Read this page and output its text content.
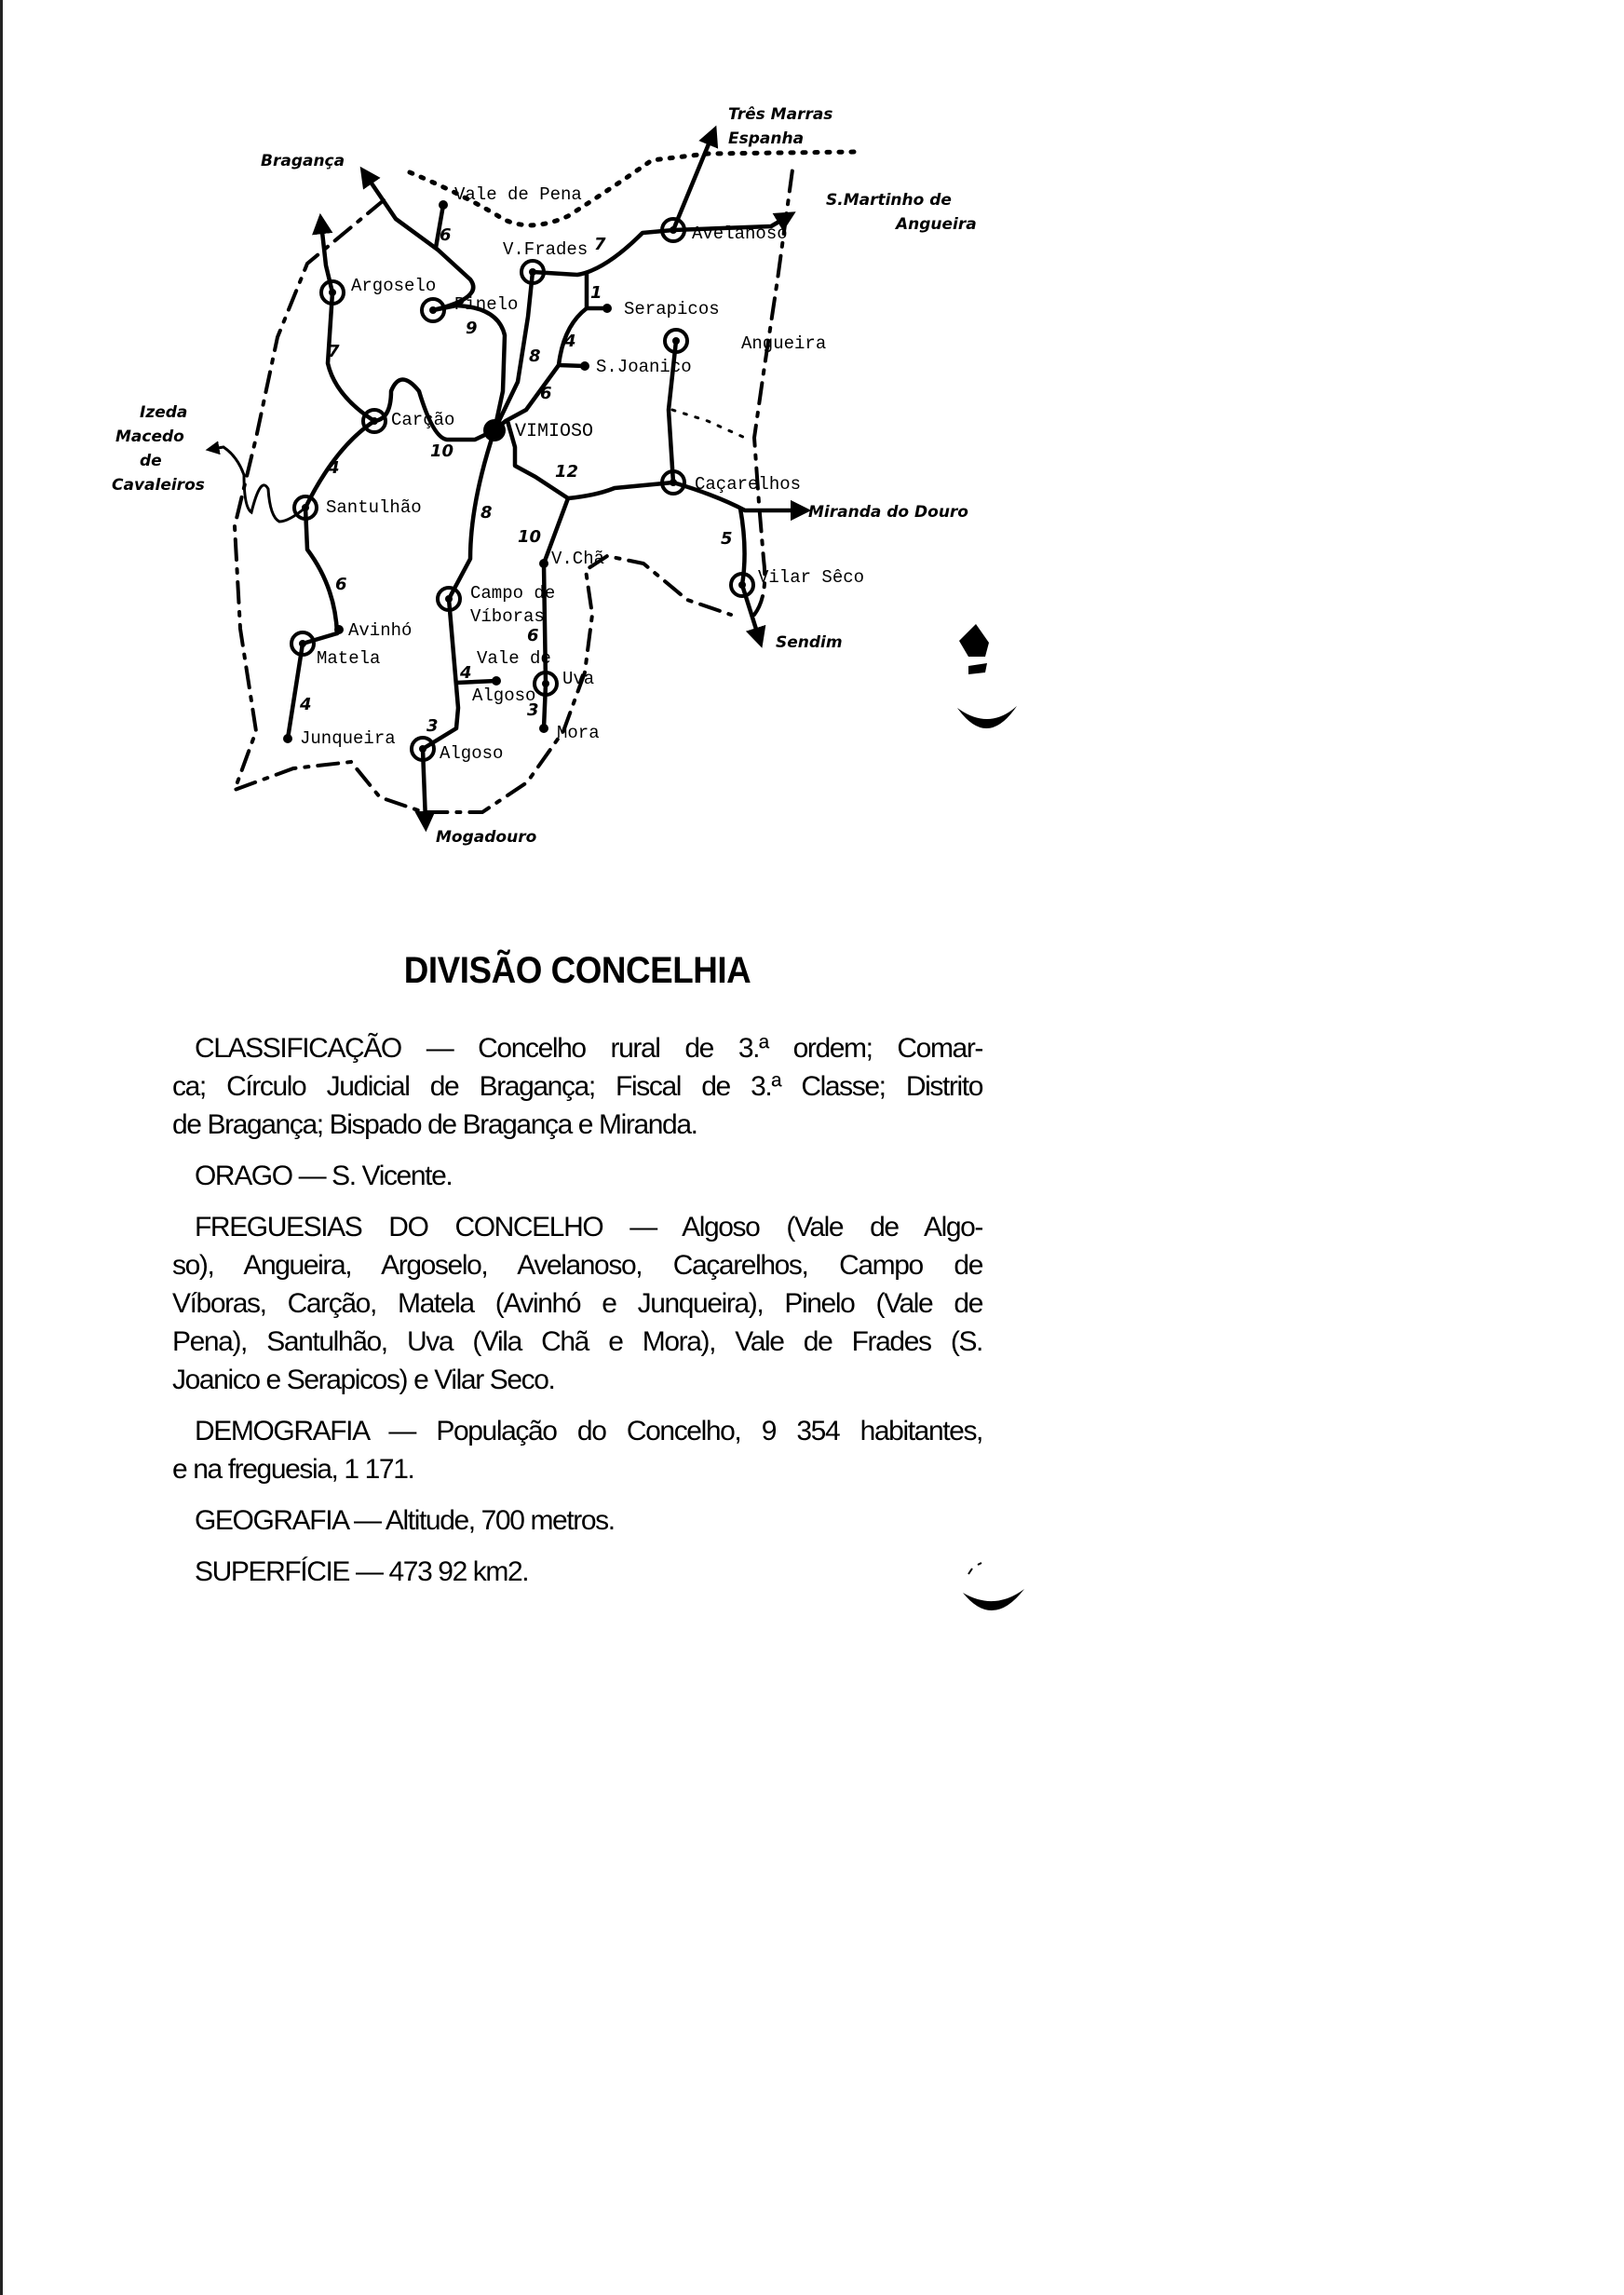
Bragança
Vale de Pena
V.Frades
Avelanoso
Três Marras
Espanha
S.Martinho de
Angueira
Argoselo
Pinelo	Serapicos
S.Joanico
Angueira
Carção
VIMIOSO
Caçarelhos
Miranda do Douro
Izeda
Macedo
de
Cavaleiros
Santulhão
V.Chã
Vilar Sêco
Sendim
Campo de
Víboras
Vale de
Algoso
Uva
Mora
Avinhó
Matela
Junqueira
Algoso
Mogadouro
6	7
9
8
1
4
6
12
7
10
4
5
10
8
6
4
3
3
6
4
DIVISÃO CONCELHIA
CLASSIFICAÇÃO — Concelho rural de 3.ª ordem; Comar-
ca; Círculo Judicial de Bragança; Fiscal de 3.ª Classe; Distrito
de Bragança; Bispado de Bragança e Miranda.
ORAGO — S. Vicente.
FREGUESIAS DO CONCELHO — Algoso (Vale de Algo-
so), Angueira, Argoselo, Avelanoso, Caçarelhos, Campo de
Víboras, Carção, Matela (Avinhó e Junqueira), Pinelo (Vale de
Pena), Santulhão, Uva (Vila Chã e Mora), Vale de Frades (S.
Joanico e Serapicos) e Vilar Seco.
DEMOGRAFIA — População do Concelho, 9 354 habitantes,
e na freguesia, 1 171.
GEOGRAFIA — Altitude, 700 metros.
SUPERFÍCIE — 473 92 km2.
